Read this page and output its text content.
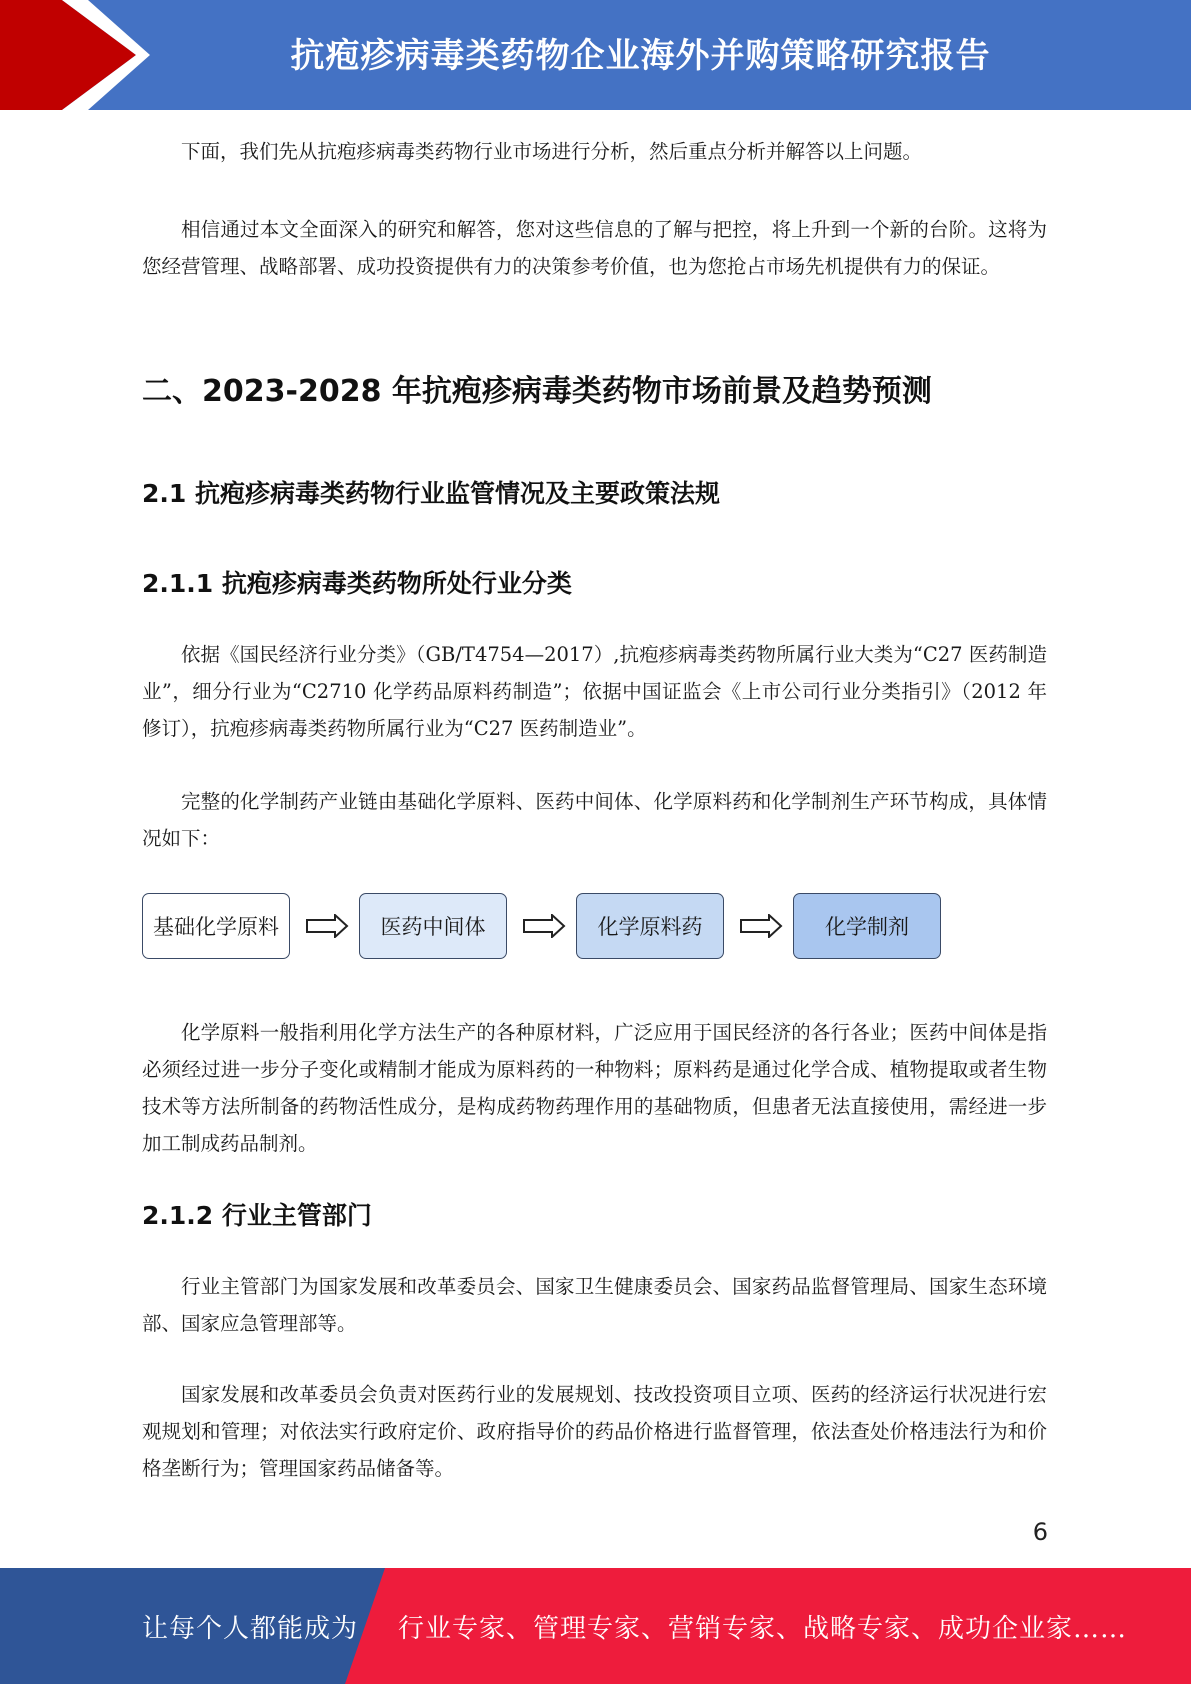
抗疱疹病毒类药物企业海外并购策略研究报告

下面，我们先从抗疱疹病毒类药物行业市场进行分析，然后重点分析并解答以上问题。

相信通过本文全面深入的研究和解答，您对这些信息的了解与把控，将上升到一个新的台阶。这将为您经营管理、战略部署、成功投资提供有力的决策参考价值，也为您抢占市场先机提供有力的保证。

二、2023-2028 年抗疱疹病毒类药物市场前景及趋势预测
2.1 抗疱疹病毒类药物行业监管情况及主要政策法规
2.1.1 抗疱疹病毒类药物所处行业分类

依据《国民经济行业分类》（GB/T4754—2017）,抗疱疹病毒类药物所属行业大类为“C27 医药制造业”，细分行业为“C2710 化学药品原料药制造”；依据中国证监会《上市公司行业分类指引》（2012 年修订），抗疱疹病毒类药物所属行业为“C27 医药制造业”。

完整的化学制药产业链由基础化学原料、医药中间体、化学原料药和化学制剂生产环节构成，具体情况如下：

基础化学原料	医药中间体	化学原料药	化学制剂

化学原料一般指利用化学方法生产的各种原材料，广泛应用于国民经济的各行各业；医药中间体是指必须经过进一步分子变化或精制才能成为原料药的一种物料；原料药是通过化学合成、植物提取或者生物技术等方法所制备的药物活性成分，是构成药物药理作用的基础物质，但患者无法直接使用，需经进一步加工制成药品制剂。

2.1.2 行业主管部门

行业主管部门为国家发展和改革委员会、国家卫生健康委员会、国家药品监督管理局、国家生态环境部、国家应急管理部等。

国家发展和改革委员会负责对医药行业的发展规划、技改投资项目立项、医药的经济运行状况进行宏观规划和管理；对依法实行政府定价、政府指导价的药品价格进行监督管理，依法查处价格违法行为和价格垄断行为；管理国家药品储备等。

6
让每个人都能成为 行业专家、管理专家、营销专家、战略专家、成功企业家……
